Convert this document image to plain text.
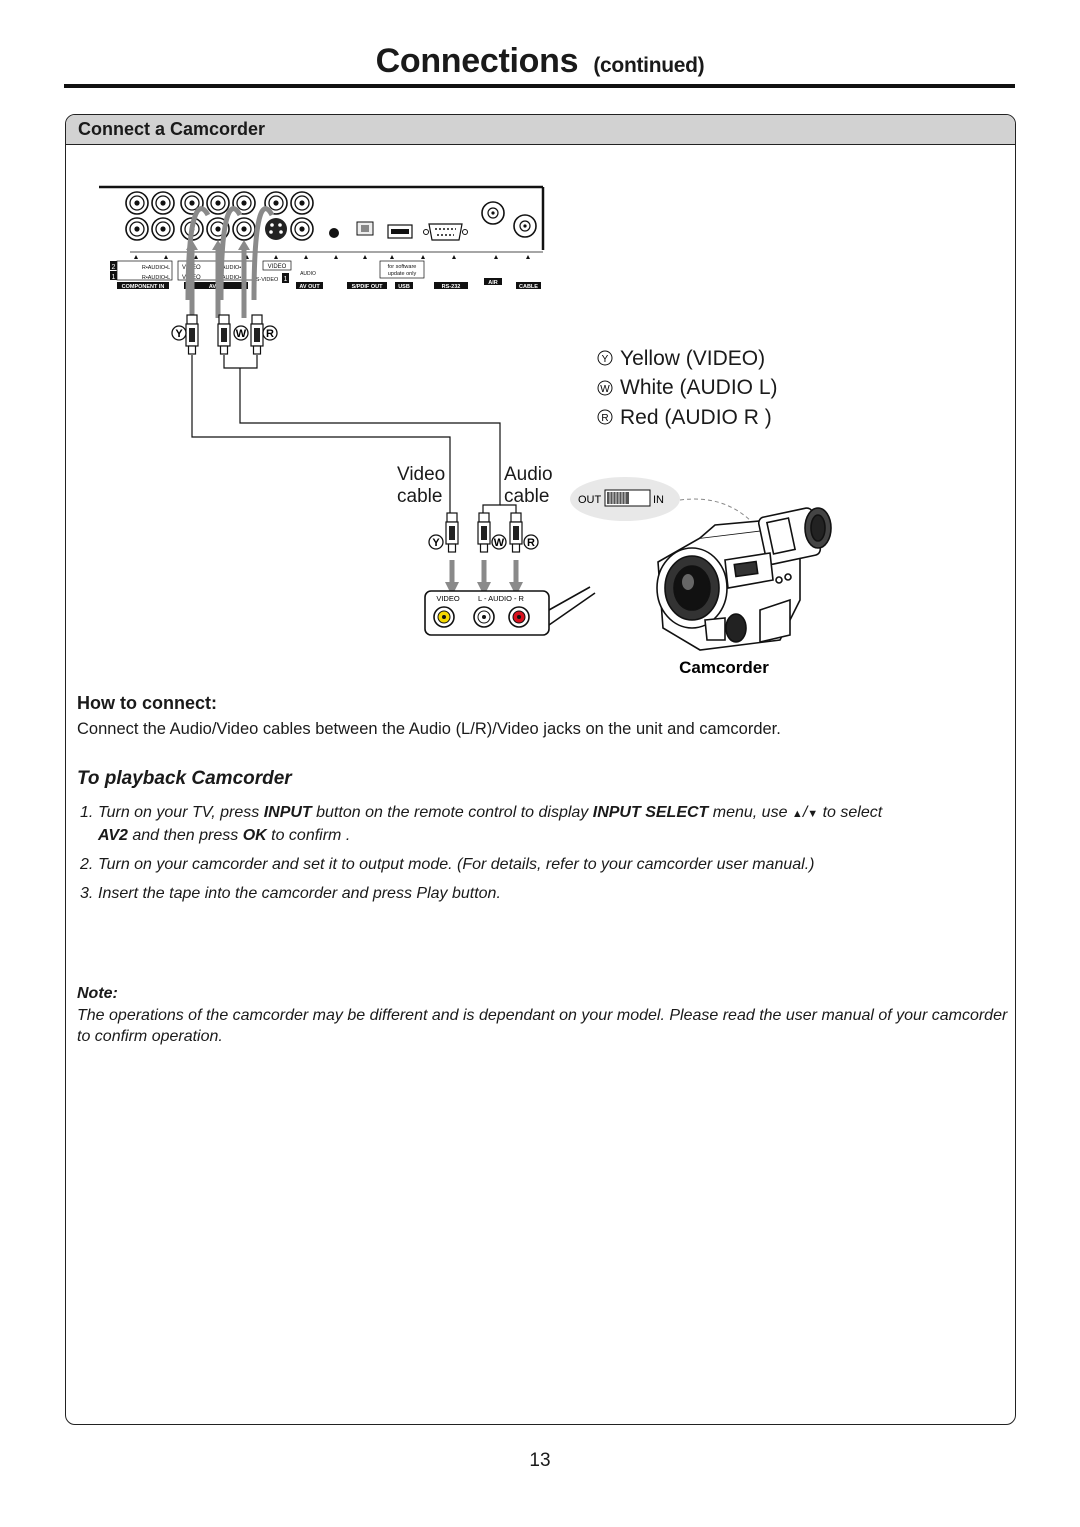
Connections (continued)
Connect a Camcorder
2
1
R•AUDIO•L
R•AUDIO•L
COMPONENT IN
VIDEO
VIDEO
L•AUDIO•R
L•AUDIO•R
AV IN
VIDEO
AUDIO
S-VIDEO 1
AV OUT	S/PDIF OUT
for software
update only
USB	RS-232
AIR
CABLE
Y	W R
Y Yellow (VIDEO)
W White (AUDIO L)
R Red (AUDIO R )
Video
cable
Audio
cable
Y	W R
VIDEO L - AUDIO - R
OUT	IN
Camcorder
How to connect:
Connect the Audio/Video cables between the Audio (L/R)/Video jacks on the unit and camcorder.
To playback Camcorder
1. Turn on your TV, press INPUT button on the remote control to display INPUT SELECT menu, use ▲/▼ to select
AV2 and then press OK to confirm .
2. Turn on your camcorder and set it to output mode. (For details, refer to your camcorder user manual.)
3. Insert the tape into the camcorder and press Play button.
Note:
The operations of the camcorder may be different and is dependant on your model. Please read the user manual of your camcorder to confirm operation.
13
